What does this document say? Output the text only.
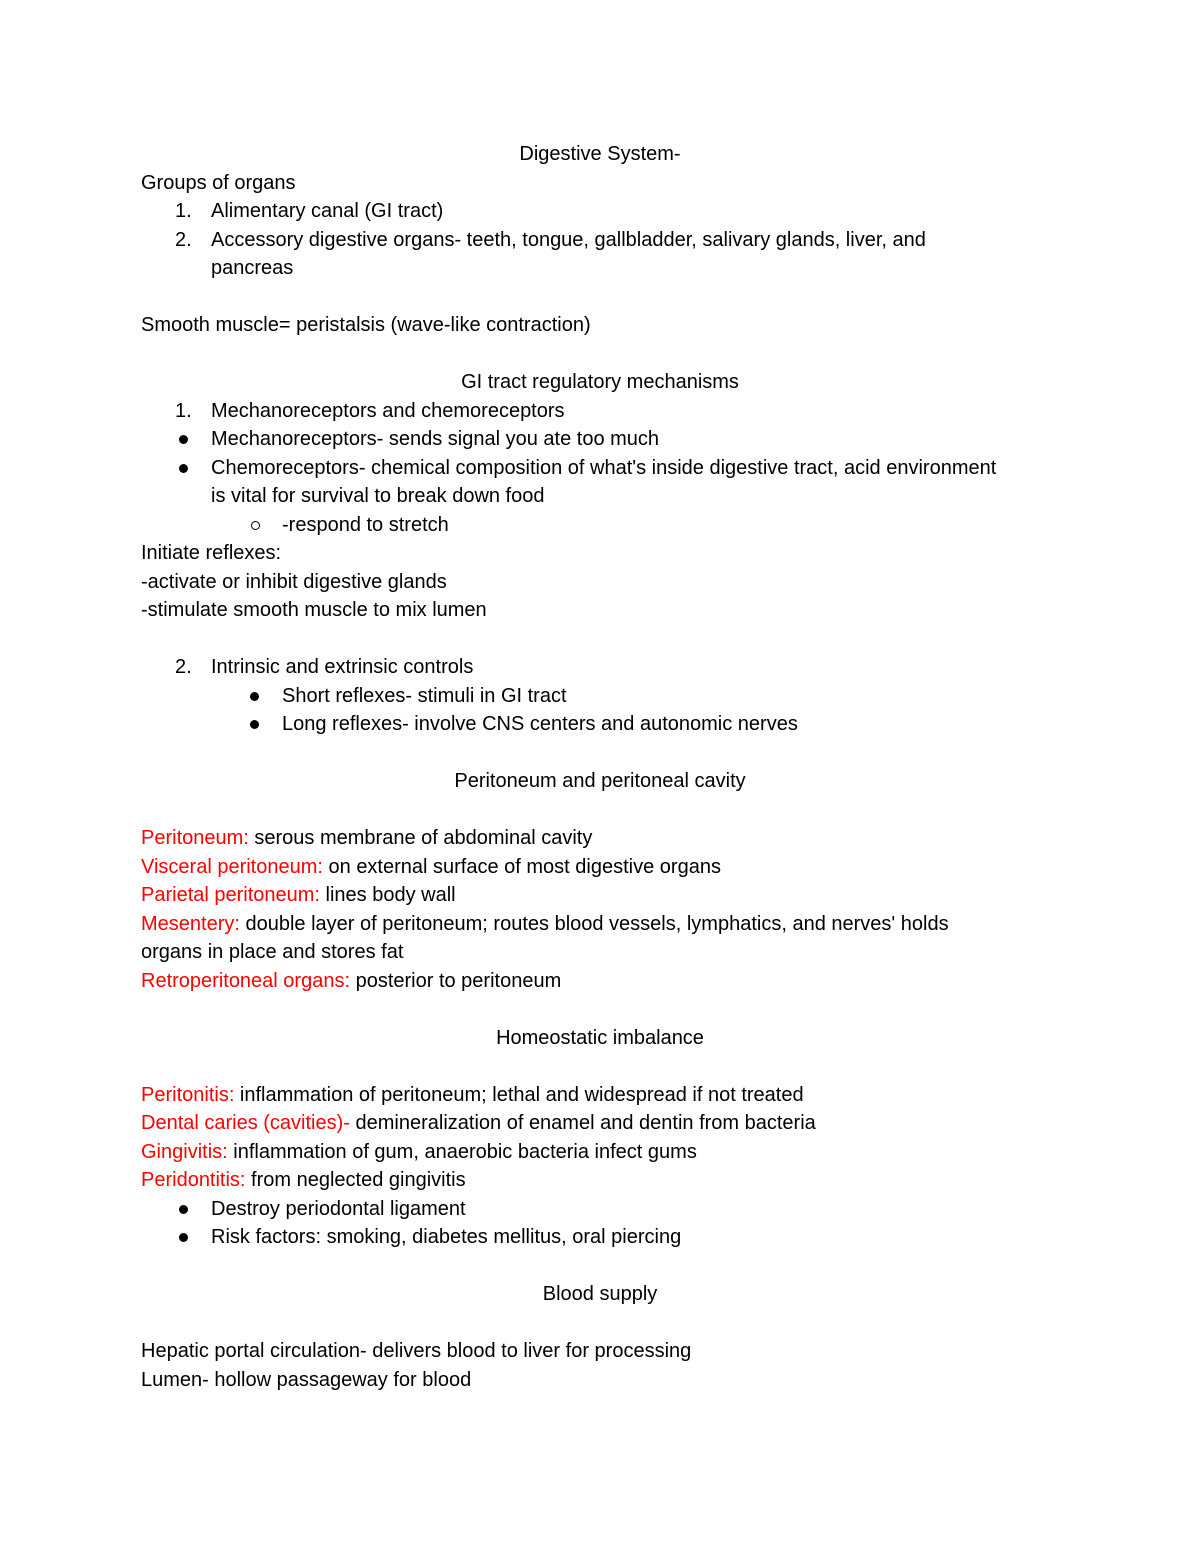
Digestive System-
Groups of organs
1. Alimentary canal (GI tract)
2. Accessory digestive organs- teeth, tongue, gallbladder, salivary glands, liver, and
pancreas
Smooth muscle= peristalsis (wave-like contraction)
GI tract regulatory mechanisms
1. Mechanoreceptors and chemoreceptors
Mechanoreceptors- sends signal you ate too much
Chemoreceptors- chemical composition of what's inside digestive tract, acid environment
is vital for survival to break down food
-respond to stretch
Initiate reflexes:
-activate or inhibit digestive glands
-stimulate smooth muscle to mix lumen
2. Intrinsic and extrinsic controls
Short reflexes- stimuli in GI tract
Long reflexes- involve CNS centers and autonomic nerves
Peritoneum and peritoneal cavity
Peritoneum: serous membrane of abdominal cavity
Visceral peritoneum: on external surface of most digestive organs
Parietal peritoneum: lines body wall
Mesentery: double layer of peritoneum; routes blood vessels, lymphatics, and nerves' holds
organs in place and stores fat
Retroperitoneal organs: posterior to peritoneum
Homeostatic imbalance
Peritonitis: inflammation of peritoneum; lethal and widespread if not treated
Dental caries (cavities)- demineralization of enamel and dentin from bacteria
Gingivitis: inflammation of gum, anaerobic bacteria infect gums
Peridontitis: from neglected gingivitis
Destroy periodontal ligament
Risk factors: smoking, diabetes mellitus, oral piercing
Blood supply
Hepatic portal circulation- delivers blood to liver for processing
Lumen- hollow passageway for blood
